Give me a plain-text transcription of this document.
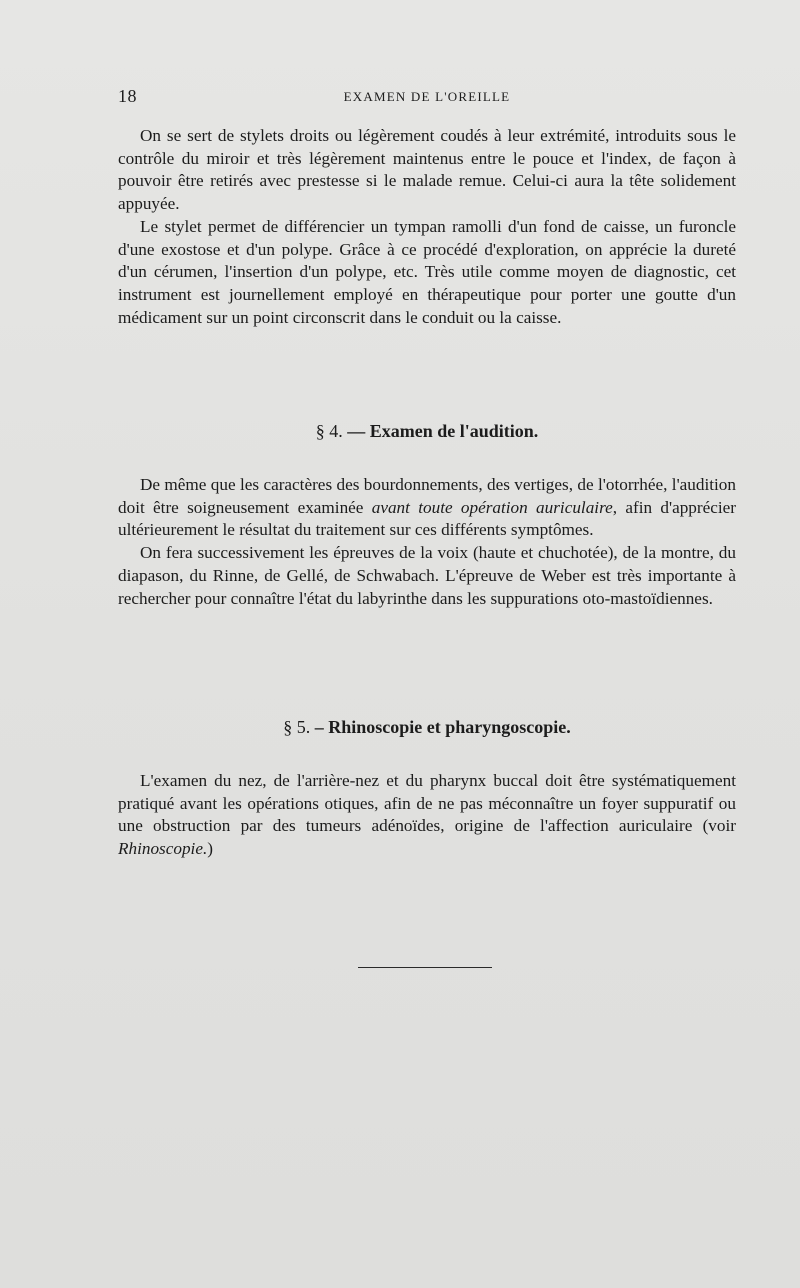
18	EXAMEN DE L'OREILLE

On se sert de stylets droits ou légèrement coudés à leur extrémité, introduits sous le contrôle du miroir et très légèrement maintenus entre le pouce et l'index, de façon à pouvoir être retirés avec prestesse si le malade remue. Celui-ci aura la tête solidement appuyée.

Le stylet permet de différencier un tympan ramolli d'un fond de caisse, un furoncle d'une exostose et d'un polype. Grâce à ce procédé d'exploration, on apprécie la dureté d'un cérumen, l'insertion d'un polype, etc. Très utile comme moyen de diagnostic, cet instrument est journellement employé en thérapeutique pour porter une goutte d'un médicament sur un point circonscrit dans le conduit ou la caisse.

§ 4. — Examen de l'audition.

De même que les caractères des bourdonnements, des vertiges, de l'otorrhée, l'audition doit être soigneusement examinée avant toute opération auriculaire, afin d'apprécier ultérieurement le résultat du traitement sur ces différents symptômes.

On fera successivement les épreuves de la voix (haute et chuchotée), de la montre, du diapason, du Rinne, de Gellé, de Schwabach. L'épreuve de Weber est très importante à rechercher pour connaître l'état du labyrinthe dans les suppurations oto-mastoïdiennes.

§ 5. – Rhinoscopie et pharyngoscopie.

L'examen du nez, de l'arrière-nez et du pharynx buccal doit être systématiquement pratiqué avant les opérations otiques, afin de ne pas méconnaître un foyer suppuratif ou une obstruction par des tumeurs adénoïdes, origine de l'affection auriculaire (voir Rhinoscopie.)
